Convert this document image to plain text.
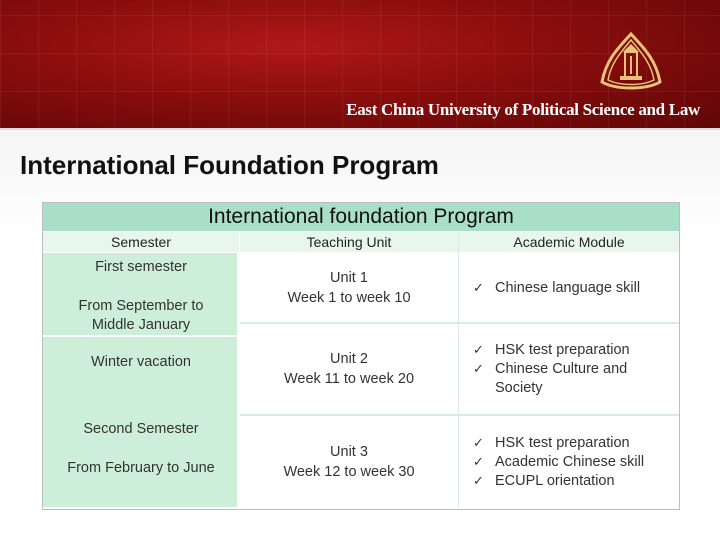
East China University of Political Science and Law
International Foundation Program
International foundation Program
Semester	Teaching Unit	Academic Module
First semester
From September to Middle January
Winter vacation
Second Semester
From February to June
Unit 1
Week 1 to week 10
✓ Chinese language skill
Unit 2
Week 11 to week 20
✓ HSK test preparation
✓ Chinese Culture and Society
Unit 3
Week 12 to week 30
✓ HSK test preparation
✓ Academic Chinese skill
✓ ECUPL orientation
